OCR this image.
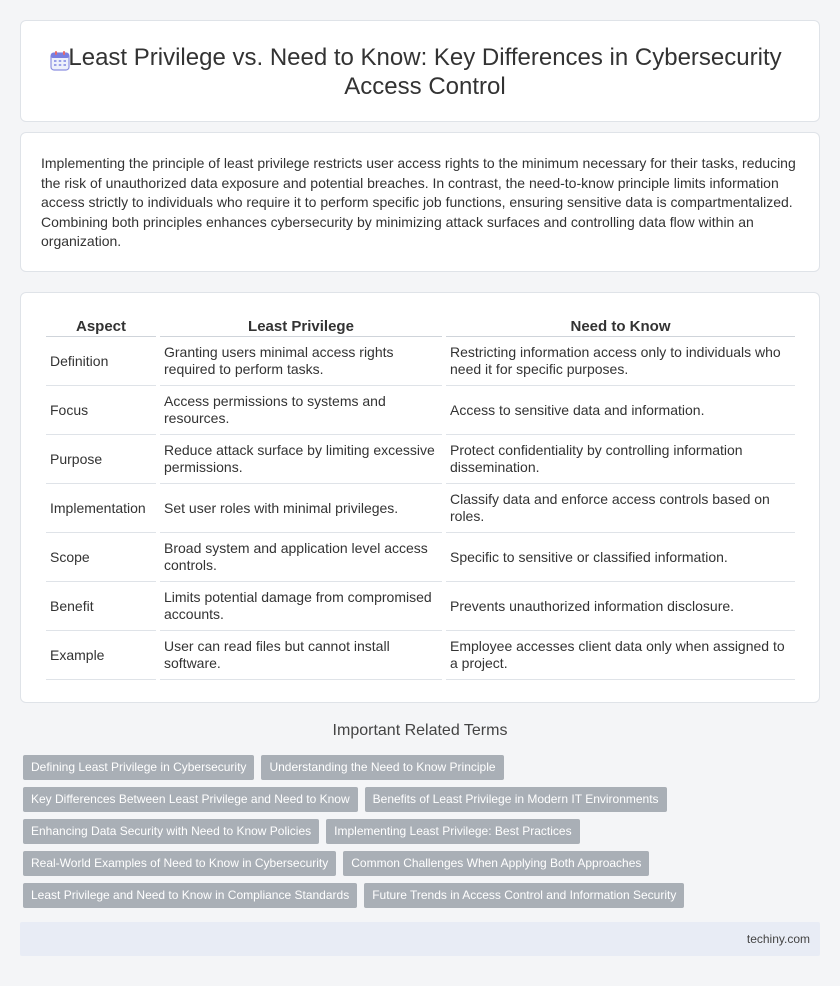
Least Privilege vs. Need to Know: Key Differences in Cybersecurity Access Control

Implementing the principle of least privilege restricts user access rights to the minimum necessary for their tasks, reducing the risk of unauthorized data exposure and potential breaches. In contrast, the need-to-know principle limits information access strictly to individuals who require it to perform specific job functions, ensuring sensitive data is compartmentalized. Combining both principles enhances cybersecurity by minimizing attack surfaces and controlling data flow within an organization.

Aspect	Least Privilege	Need to Know
Definition	Granting users minimal access rights required to perform tasks.	Restricting information access only to individuals who need it for specific purposes.
Focus	Access permissions to systems and resources.	Access to sensitive data and information.
Purpose	Reduce attack surface by limiting excessive permissions.	Protect confidentiality by controlling information dissemination.
Implementation	Set user roles with minimal privileges.	Classify data and enforce access controls based on roles.
Scope	Broad system and application level access controls.	Specific to sensitive or classified information.
Benefit	Limits potential damage from compromised accounts.	Prevents unauthorized information disclosure.
Example	User can read files but cannot install software.	Employee accesses client data only when assigned to a project.
Important Related Terms
Defining Least Privilege in Cybersecurity	Understanding the Need to Know Principle
Key Differences Between Least Privilege and Need to Know	Benefits of Least Privilege in Modern IT Environments
Enhancing Data Security with Need to Know Policies	Implementing Least Privilege: Best Practices
Real-World Examples of Need to Know in Cybersecurity	Common Challenges When Applying Both Approaches
Least Privilege and Need to Know in Compliance Standards	Future Trends in Access Control and Information Security
techiny.com
